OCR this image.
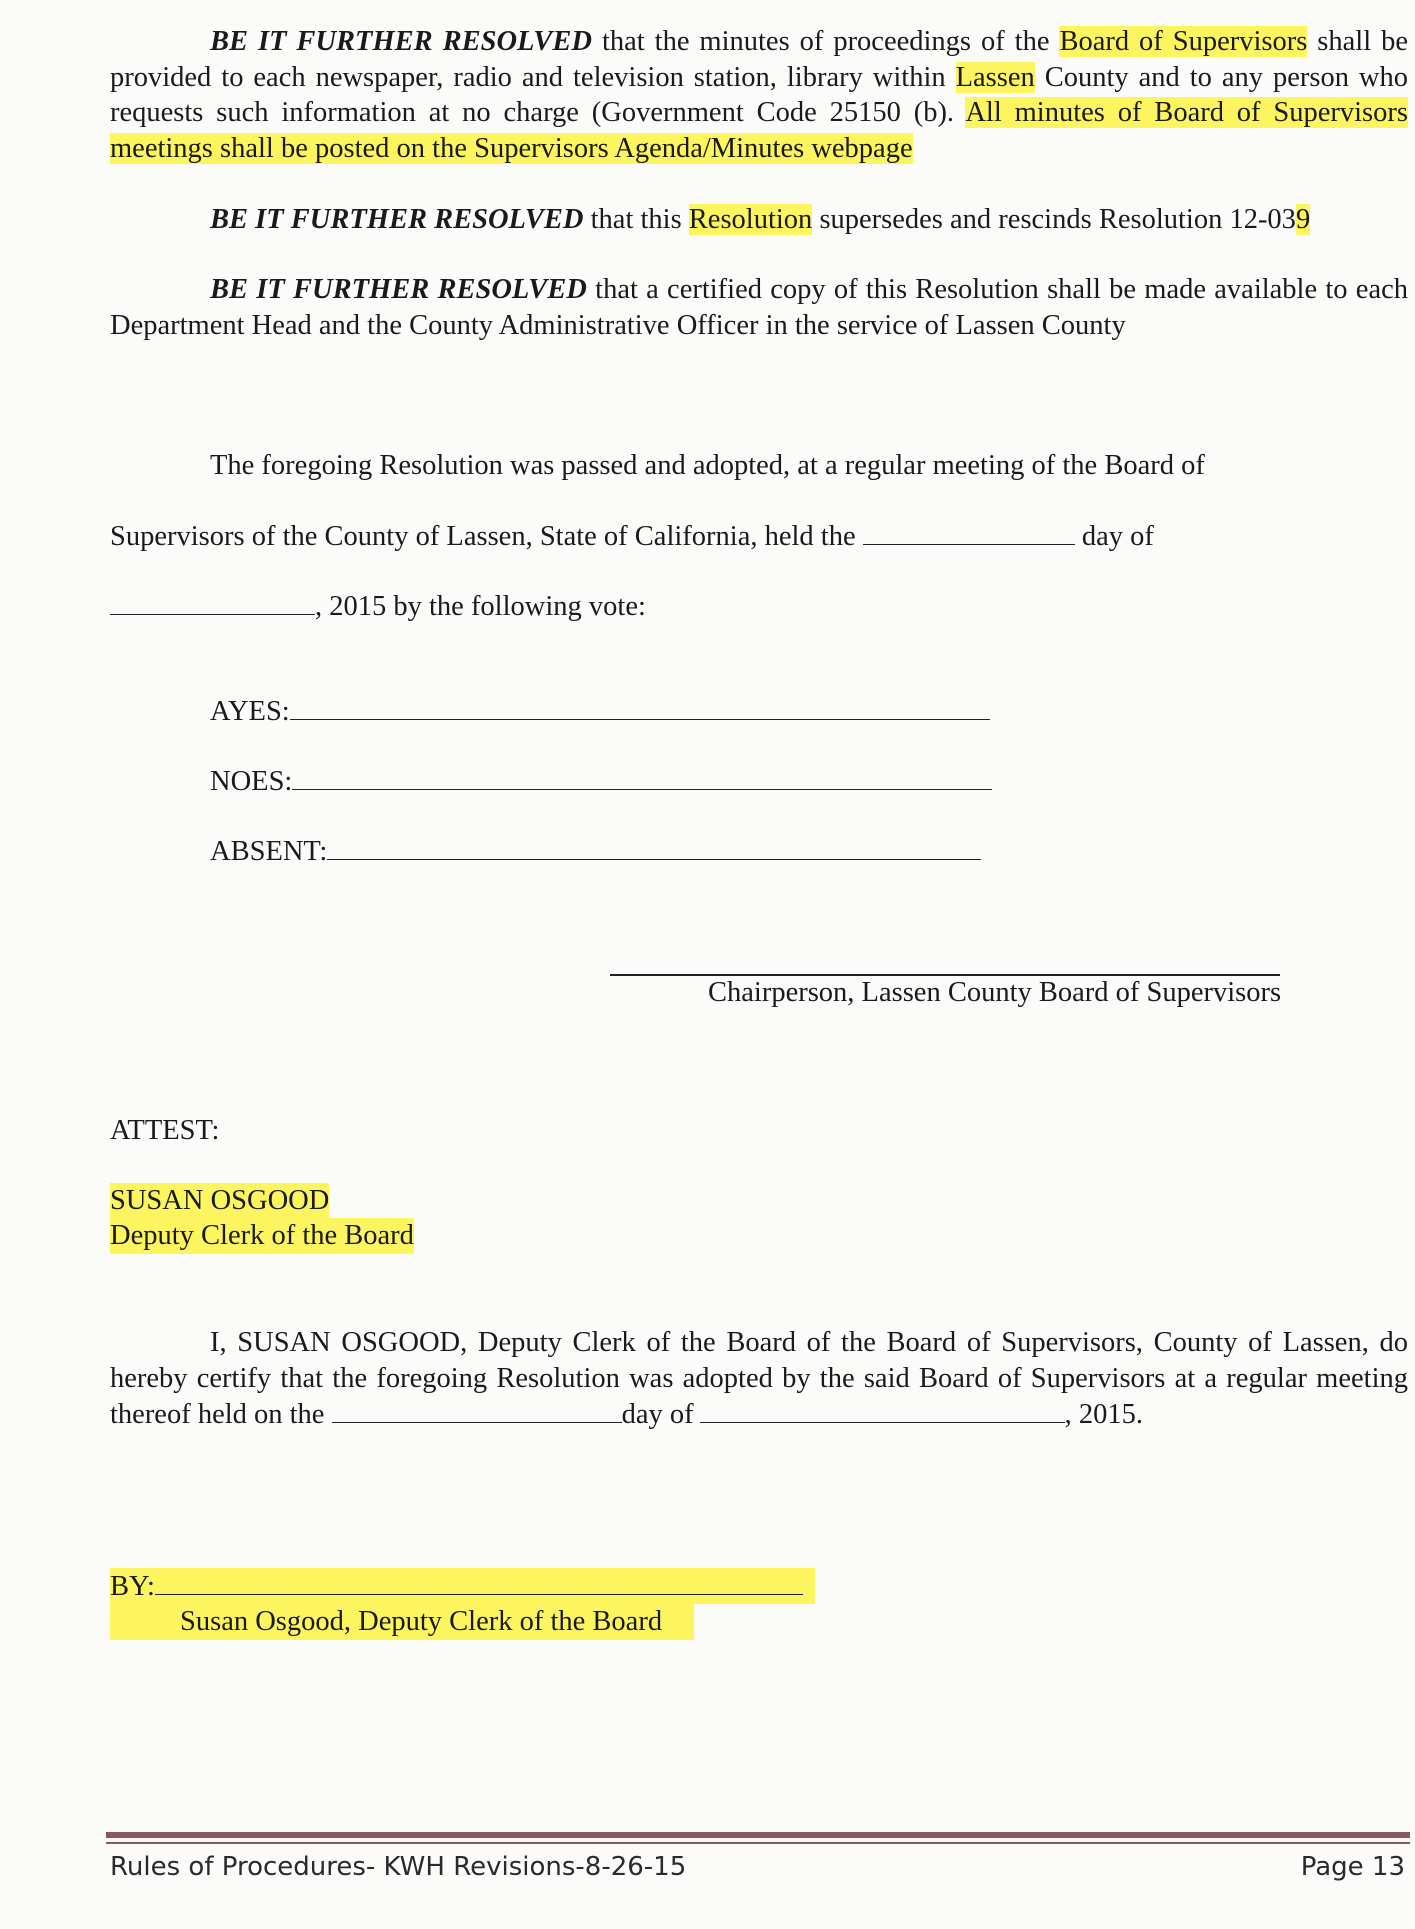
BE IT FURTHER RESOLVED that the minutes of proceedings of the Board of Supervisors shall be provided to each newspaper, radio and television station, library within Lassen County and to any person who requests such information at no charge (Government Code 25150 (b). All minutes of Board of Supervisors meetings shall be posted on the Supervisors Agenda/Minutes webpage
BE IT FURTHER RESOLVED that this Resolution supersedes and rescinds Resolution 12-039
BE IT FURTHER RESOLVED that a certified copy of this Resolution shall be made available to each Department Head and the County Administrative Officer in the service of Lassen County
The foregoing Resolution was passed and adopted, at a regular meeting of the Board of
Supervisors of the County of Lassen, State of California, held the	day of
, 2015 by the following vote:
AYES:
NOES:
ABSENT:
Chairperson, Lassen County Board of Supervisors
ATTEST:
SUSAN OSGOOD
Deputy Clerk of the Board
I, SUSAN OSGOOD, Deputy Clerk of the Board of the Board of Supervisors, County of Lassen, do hereby certify that the foregoing Resolution was adopted by the said Board of Supervisors at a regular meeting thereof held on the	day of	, 2015.
BY:
Susan Osgood, Deputy Clerk of the Board
Rules of Procedures- KWH Revisions-8-26-15	Page 13
